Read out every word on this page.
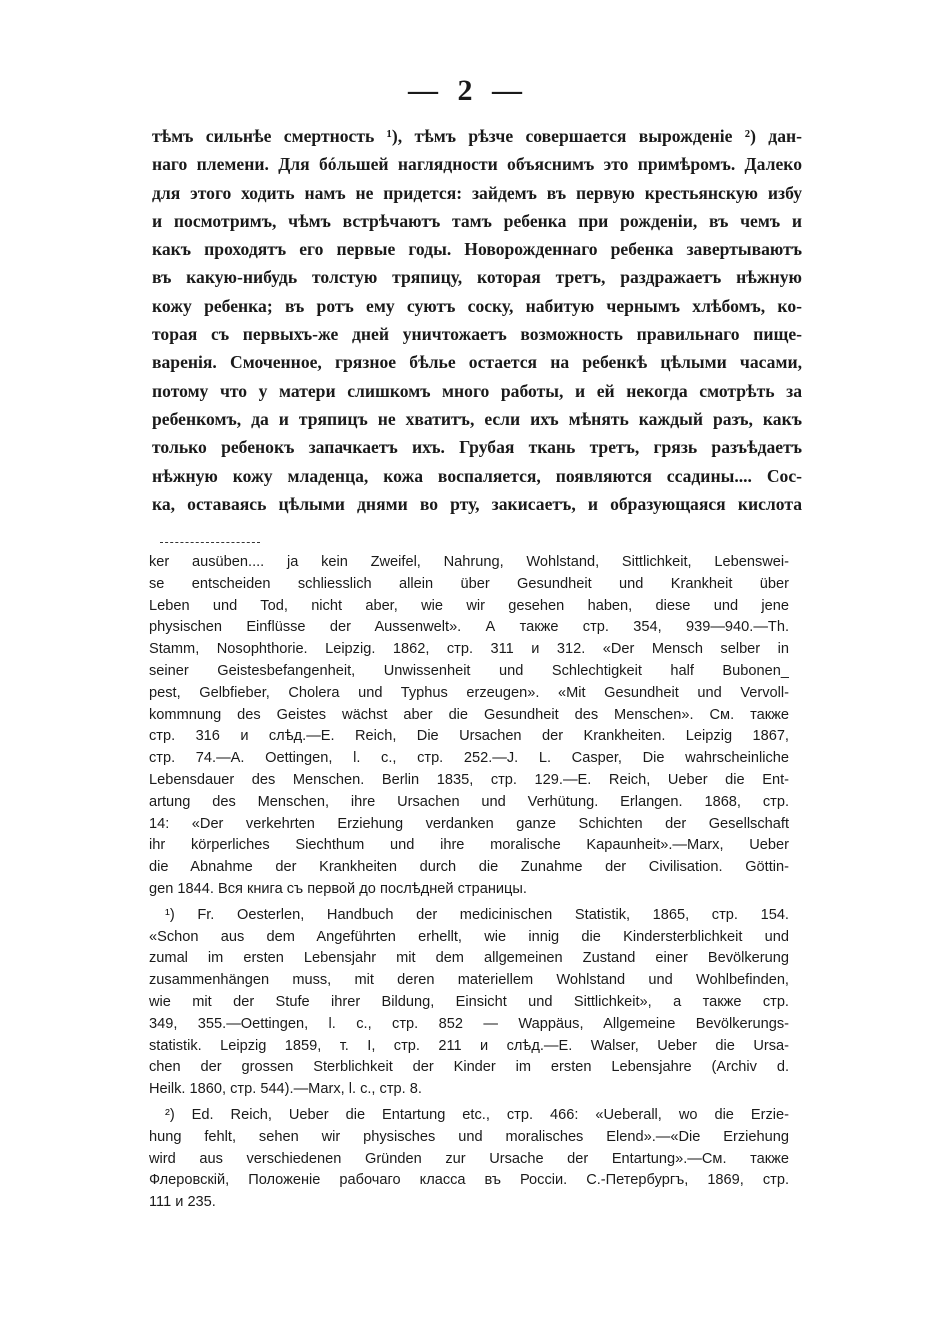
— 2 —
тѣмъ сильнѣе смертность ¹), тѣмъ рѣзче совершается вырожденіе ²) дан-
наго племени. Для бóльшей наглядности объяснимъ это примѣромъ. Далеко
для этого ходить намъ не придется: зайдемъ въ первую крестьянскую избу
и посмотримъ, чѣмъ встрѣчаютъ тамъ ребенка при рожденіи, въ чемъ и
какъ проходятъ его первые годы. Новорожденнаго ребенка завертываютъ
въ какую-нибудь толстую тряпицу, которая третъ, раздражаетъ нѣжную
кожу ребенка; въ ротъ ему суютъ соску, набитую чернымъ хлѣбомъ, ко-
торая съ первыхъ-же дней уничтожаетъ возможность правильнаго пище-
варенія. Смоченное, грязное бѣлье остается на ребенкѣ цѣлыми часами,
потому что у матери слишкомъ много работы, и ей некогда смотрѣть за
ребенкомъ, да и тряпицъ не хватитъ, если ихъ мѣнять каждый разъ, какъ
только ребенокъ запачкаетъ ихъ. Грубая ткань третъ, грязь разъѣдаетъ
нѣжную кожу младенца, кожа воспаляется, появляются ссадины.... Сос-
ка, оставаясь цѣлыми днями во рту, закисаетъ, и образующаяся кислота
ker ausüben.... ja kein Zweifel, Nahrung, Wohlstand, Sittlichkeit, Lebenswei-
se entscheiden schliesslich allein über Gesundheit und Krankheit über
Leben und Tod, nicht aber, wie wir gesehen haben, diese und jene
physischen Einflüsse der Aussenwelt». А также стр. 354, 939—940.—Th.
Stamm, Nosophthorie. Leipzig. 1862, стр. 311 и 312. «Der Mensch selber in
seiner Geistesbefangenheit, Unwissenheit und Schlechtigkeit half Bubonen_
pest, Gelbfieber, Cholera und Typhus erzeugen». «Mit Gesundheit und Vervoll-
kommnung des Geistes wächst aber die Gesundheit des Menschen». См. также
стр. 316 и слѣд.—E. Reich, Die Ursachen der Krankheiten. Leipzig 1867,
стр. 74.—A. Oettingen, l. c., стр. 252.—J. L. Casper, Die wahrscheinliche
Lebensdauer des Menschen. Berlin 1835, стр. 129.—E. Reich, Ueber die Ent-
artung des Menschen, ihre Ursachen und Verhütung. Erlangen. 1868, стр.
14: «Der verkehrten Erziehung verdanken ganze Schichten der Gesellschaft
ihr körperliches Siechthum und ihre moralische Kapaunheit».—Marx, Ueber
die Abnahme der Krankheiten durch die Zunahme der Civilisation. Göttin-
gen 1844. Вся книга съ первой до послѣдней страницы.
¹) Fr. Oesterlen, Handbuch der medicinischen Statistik, 1865, стр. 154.
«Schon aus dem Angeführten erhellt, wie innig die Kindersterblichkeit und
zumal im ersten Lebensjahr mit dem allgemeinen Zustand einer Bevölkerung
zusammenhängen muss, mit deren materiellem Wohlstand und Wohlbefinden,
wie mit der Stufe ihrer Bildung, Einsicht und Sittlichkeit», а также стр.
349, 355.—Oettingen, l. c., стр. 852 — Wappäus, Allgemeine Bevölkerungs-
statistik. Leipzig 1859, т. I, стр. 211 и слѣд.—E. Walser, Ueber die Ursa-
chen der grossen Sterblichkeit der Kinder im ersten Lebensjahre (Archiv d.
Heilk. 1860, стр. 544).—Marx, l. c., стр. 8.
²) Ed. Reich, Ueber die Entartung etc., стр. 466: «Ueberall, wo die Erzie-
hung fehlt, sehen wir physisches und moralisches Elend».—«Die Erziehung
wird aus verschiedenen Gründen zur Ursache der Entartung».—См. также
Флеровскій, Положеніе рабочаго класса въ Россіи. С.-Петербургъ, 1869, стр.
111 и 235.
